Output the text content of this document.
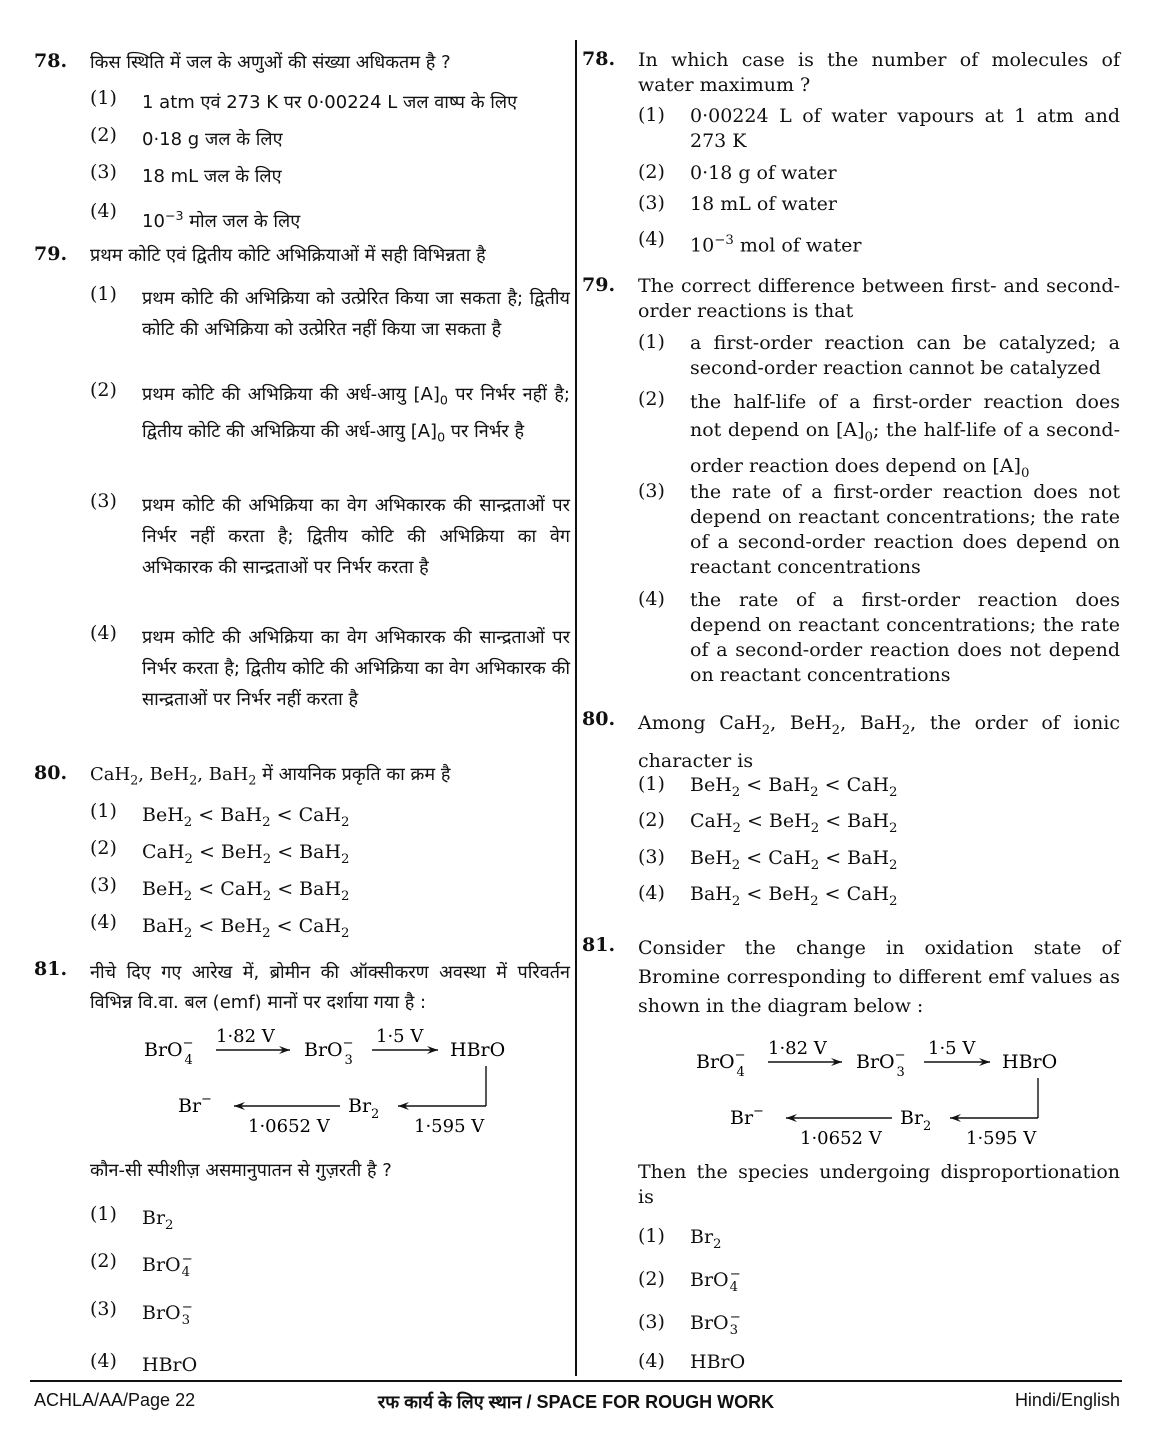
78. किस स्थिति में जल के अणुओं की संख्या अधिकतम है ?
(1) 1 atm एवं 273 K पर 0·00224 L जल वाष्प के लिए
(2) 0·18 g जल के लिए
(3) 18 mL जल के लिए
(4) $10^{-3}$ मोल जल के लिए
79. प्रथम कोटि एवं द्वितीय कोटि अभिक्रियाओं में सही विभिन्नता है
(1) प्रथम कोटि की अभिक्रिया को उत्प्रेरित किया जा सकता है; द्वितीय कोटि की अभिक्रिया को उत्प्रेरित नहीं किया जा सकता है
(2) प्रथम कोटि की अभिक्रिया की अर्ध-आयु $[A]_0$ पर निर्भर नहीं है; द्वितीय कोटि की अभिक्रिया की अर्ध-आयु $[A]_0$ पर निर्भर है
(3) प्रथम कोटि की अभिक्रिया का वेग अभिकारक की सान्द्रताओं पर निर्भर नहीं करता है; द्वितीय कोटि की अभिक्रिया का वेग अभिकारक की सान्द्रताओं पर निर्भर करता है
(4) प्रथम कोटि की अभिक्रिया का वेग अभिकारक की सान्द्रताओं पर निर्भर करता है; द्वितीय कोटि की अभिक्रिया का वेग अभिकारक की सान्द्रताओं पर निर्भर नहीं करता है
80. CaH$_2$, BeH$_2$, BaH$_2$ में आयनिक प्रकृति का क्रम है
(1) BeH$_2$ < BaH$_2$ < CaH$_2$
(2) CaH$_2$ < BeH$_2$ < BaH$_2$
(3) BeH$_2$ < CaH$_2$ < BaH$_2$
(4) BaH$_2$ < BeH$_2$ < CaH$_2$
81. नीचे दिए गए आरेख में, ब्रोमीन की ऑक्सीकरण अवस्था में परिवर्तन विभिन्न वि.वा. बल (emf) मानों पर दर्शाया गया है :
BrO− 4
1·82 V
BrO− 3
1·5 V
HBrO
1·595 V
$Br_2$
1·0652 V
Br−
कौन-सी स्पीशीज़ असमानुपातन से गुज़रती है ?
(1) $Br_2$
(2) BrO −
4
(3) BrO −
3
(4) HBrO
78. In which case is the number of molecules of water maximum ?
(1) 0·00224 L of water vapours at 1 atm and 273 K
(2) 0·18 g of water
(3) 18 mL of water
(4) $10^{-3}$ mol of water
79. The correct difference between first- and second-order reactions is that
(1) a first-order reaction can be catalyzed; a second-order reaction cannot be catalyzed
(2) the half-life of a first-order reaction does not depend on $[A]_0$; the half-life of a second-order reaction does depend on $[A]_0$
(3) the rate of a first-order reaction does not depend on reactant concentrations; the rate of a second-order reaction does depend on reactant concentrations
(4) the rate of a first-order reaction does depend on reactant concentrations; the rate of a second-order reaction does not depend on reactant concentrations
80. Among CaH$_2$, BeH$_2$, BaH$_2$, the order of ionic character is
(1) BeH$_2$ < BaH$_2$ < CaH$_2$
(2) CaH$_2$ < BeH$_2$ < BaH$_2$
(3) BeH$_2$ < CaH$_2$ < BaH$_2$
(4) BaH$_2$ < BeH$_2$ < CaH$_2$
81. Consider the change in oxidation state of Bromine corresponding to different emf values as shown in the diagram below :
BrO− 4
1·82 V
BrO− 3
1·5 V
HBrO
1·595 V
$Br_2$
1·0652 V
Br−
Then the species undergoing disproportionation is
(1) $Br_2$
(2) BrO −
4
(3) BrO −
3
(4) HBrO
ACHLA/AA/Page 22	रफ कार्य के लिए स्थान / SPACE FOR ROUGH WORK	Hindi/English
